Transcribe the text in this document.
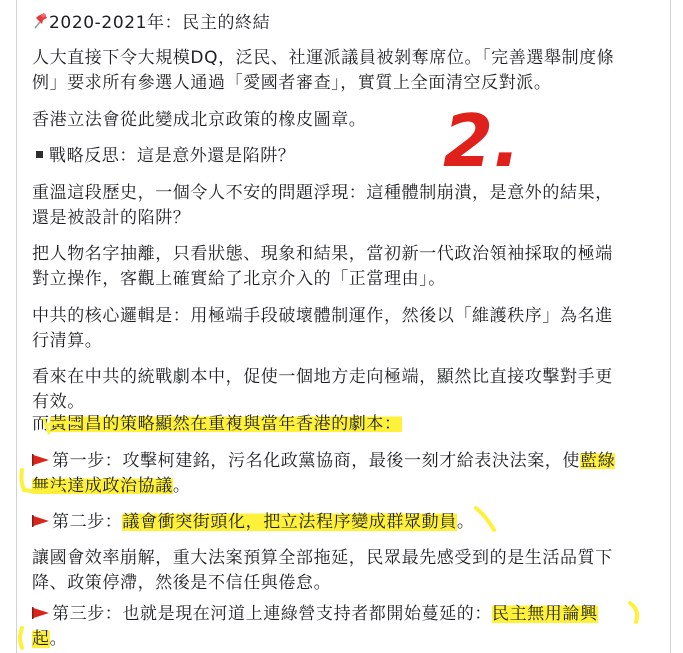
2020-2021年：民主的終結
人大直接下令大規模DQ，泛民、社運派議員被剝奪席位。「完善選舉制度條
例」要求所有參選人通過「愛國者審查」，實質上全面清空反對派。
香港立法會從此變成北京政策的橡皮圖章。
戰略反思：這是意外還是陷阱？
重溫這段歷史，一個令人不安的問題浮現：這種體制崩潰，是意外的結果，
還是被設計的陷阱？
把人物名字抽離，只看狀態、現象和結果，當初新一代政治領袖採取的極端
對立操作，客觀上確實給了北京介入的「正當理由」。
中共的核心邏輯是：用極端手段破壞體制運作，然後以「維護秩序」為名進
行清算。
看來在中共的統戰劇本中，促使一個地方走向極端，顯然比直接攻擊對手更
有效。
而黃國昌的策略顯然在重複與當年香港的劇本：
第一步：攻擊柯建銘，污名化政黨協商，最後一刻才給表決法案，使藍綠
無法達成政治協議。
第二步：議會衝突街頭化，把立法程序變成群眾動員。
讓國會效率崩解，重大法案預算全部拖延，民眾最先感受到的是生活品質下
降、政策停滯，然後是不信任與倦怠。
第三步：也就是現在河道上連綠營支持者都開始蔓延的：民主無用論興
起。
2.
